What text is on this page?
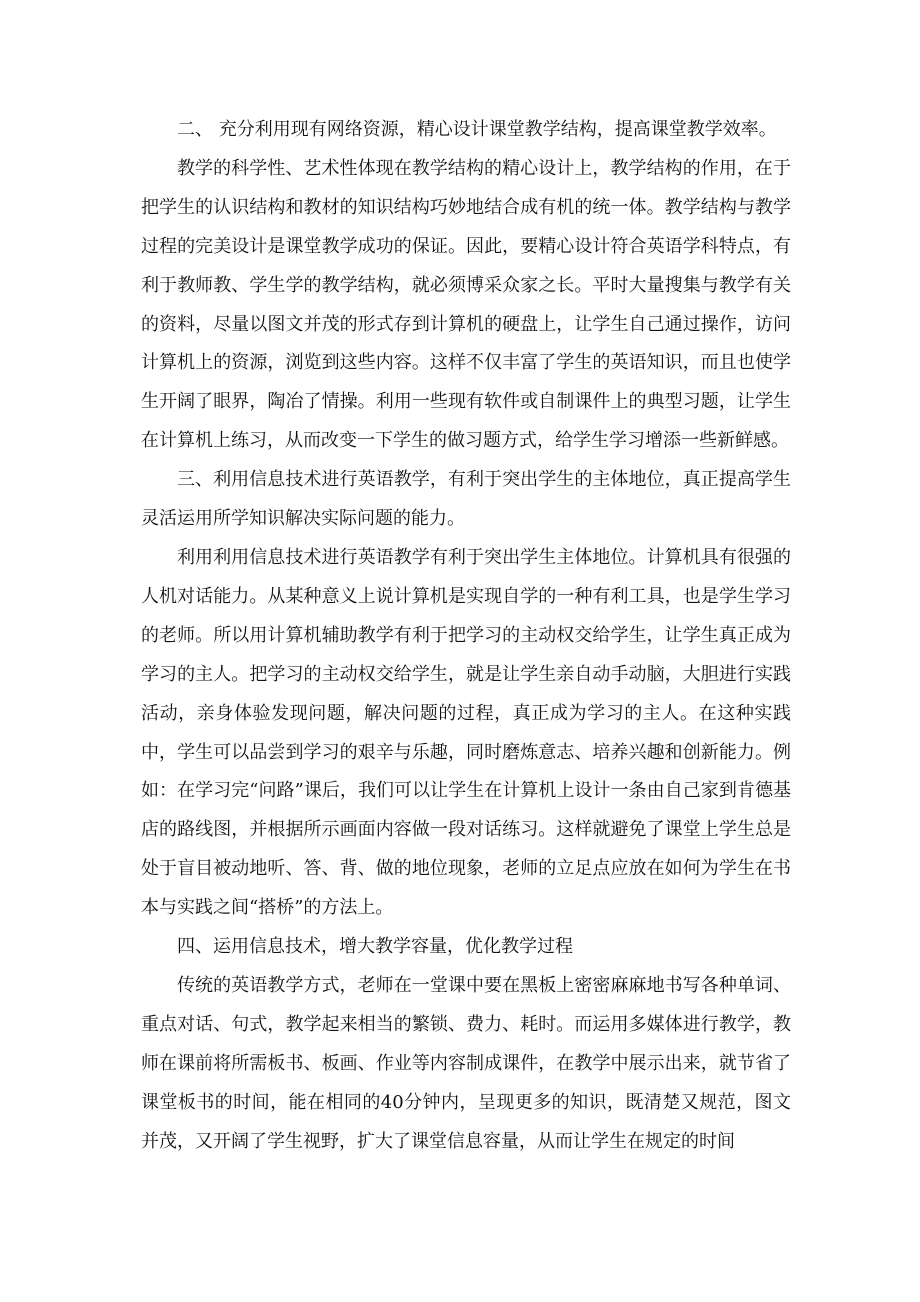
二、 充分利用现有网络资源，精心设计课堂教学结构，提高课堂教学效率。

教学的科学性、艺术性体现在教学结构的精心设计上，教学结构的作用，在于把学生的认识结构和教材的知识结构巧妙地结合成有机的统一体。教学结构与教学过程的完美设计是课堂教学成功的保证。因此，要精心设计符合英语学科特点，有利于教师教、学生学的教学结构，就必须博采众家之长。平时大量搜集与教学有关的资料，尽量以图文并茂的形式存到计算机的硬盘上，让学生自己通过操作，访问计算机上的资源，浏览到这些内容。这样不仅丰富了学生的英语知识，而且也使学生开阔了眼界，陶冶了情操。利用一些现有软件或自制课件上的典型习题，让学生在计算机上练习，从而改变一下学生的做习题方式，给学生学习增添一些新鲜感。

三、利用信息技术进行英语教学，有利于突出学生的主体地位，真正提高学生灵活运用所学知识解决实际问题的能力。

利用利用信息技术进行英语教学有利于突出学生主体地位。计算机具有很强的人机对话能力。从某种意义上说计算机是实现自学的一种有利工具，也是学生学习的老师。所以用计算机辅助教学有利于把学习的主动权交给学生，让学生真正成为学习的主人。把学习的主动权交给学生，就是让学生亲自动手动脑，大胆进行实践活动，亲身体验发现问题，解决问题的过程，真正成为学习的主人。在这种实践中，学生可以品尝到学习的艰辛与乐趣，同时磨炼意志、培养兴趣和创新能力。例如：在学习完“问路”课后，我们可以让学生在计算机上设计一条由自己家到肯德基店的路线图，并根据所示画面内容做一段对话练习。这样就避免了课堂上学生总是处于盲目被动地听、答、背、做的地位现象，老师的立足点应放在如何为学生在书本与实践之间“搭桥”的方法上。

四、运用信息技术，增大教学容量，优化教学过程

传统的英语教学方式，老师在一堂课中要在黑板上密密麻麻地书写各种单词、重点对话、句式，教学起来相当的繁锁、费力、耗时。而运用多媒体进行教学，教师在课前将所需板书、板画、作业等内容制成课件，在教学中展示出来，就节省了课堂板书的时间，能在相同的40分钟内，呈现更多的知识，既清楚又规范，图文并茂，又开阔了学生视野，扩大了课堂信息容量，从而让学生在规定的时间
